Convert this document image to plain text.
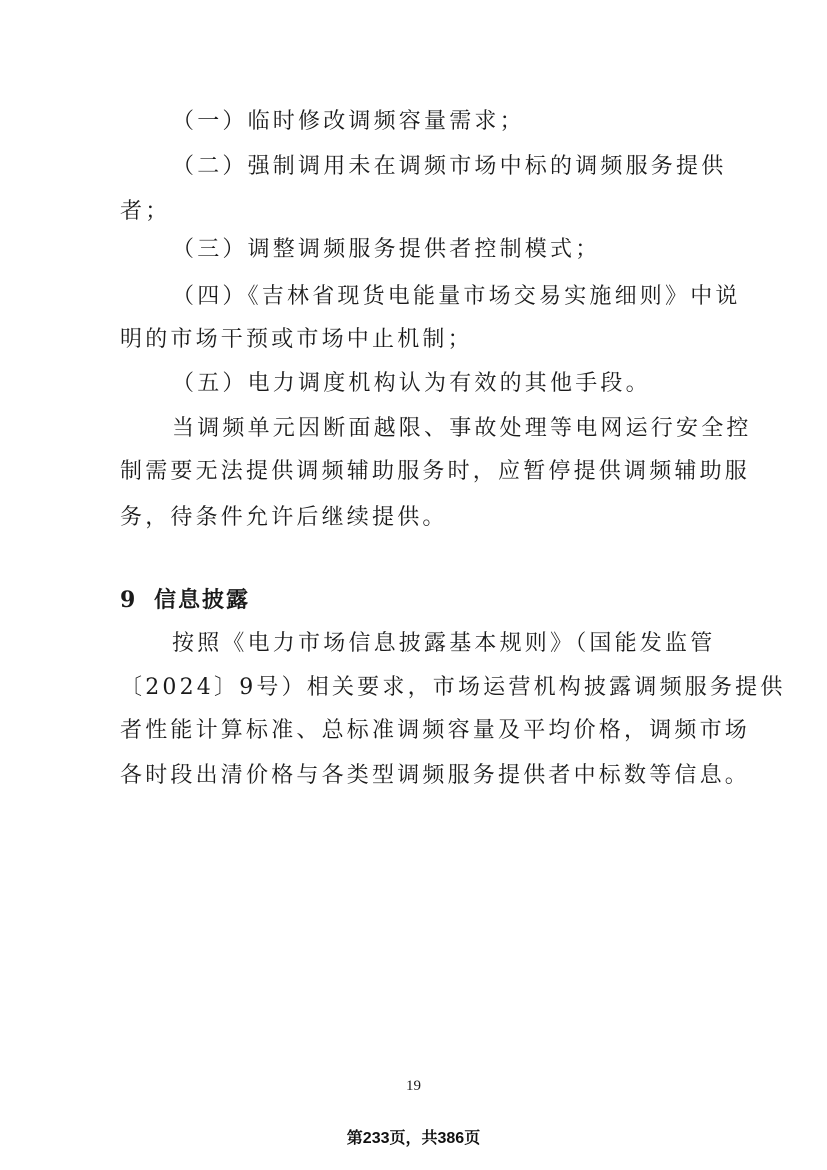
（一）临时修改调频容量需求；
（二）强制调用未在调频市场中标的调频服务提供
者；
（三）调整调频服务提供者控制模式；
（四）《吉林省现货电能量市场交易实施细则》中说
明的市场干预或市场中止机制；
（五）电力调度机构认为有效的其他手段。
当调频单元因断面越限、事故处理等电网运行安全控
制需要无法提供调频辅助服务时，应暂停提供调频辅助服
务，待条件允许后继续提供。
9 信息披露
按照《电力市场信息披露基本规则》（国能发监管
〔2024〕9号）相关要求，市场运营机构披露调频服务提供
者性能计算标准、总标准调频容量及平均价格，调频市场
各时段出清价格与各类型调频服务提供者中标数等信息。
19
第233页，共386页
